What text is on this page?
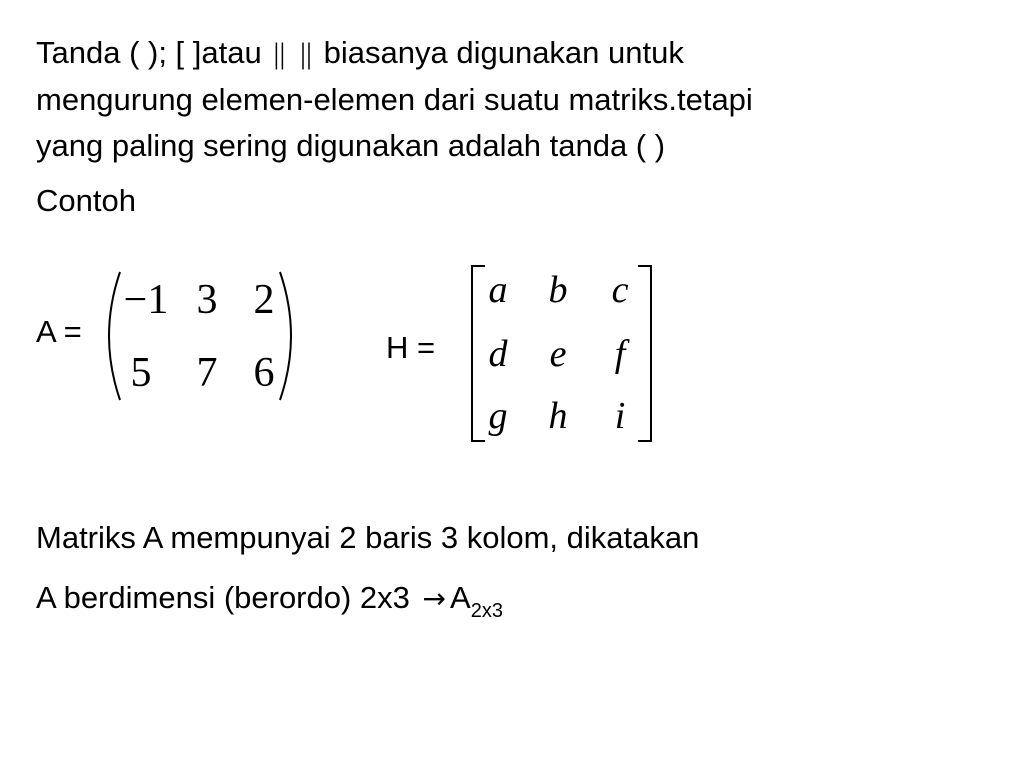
Tanda ( ); [ ]atau || || biasanya digunakan untuk
mengurung elemen-elemen dari suatu matriks.tetapi
yang paling sering digunakan adalah tanda ( )
Contoh
A =	H =
−1 3 2
5 7 6
a b c
d e f
g h i
Matriks A mempunyai 2 baris 3 kolom, dikatakan
A berdimensi (berordo) $2x3 \to A_{2x3}$
